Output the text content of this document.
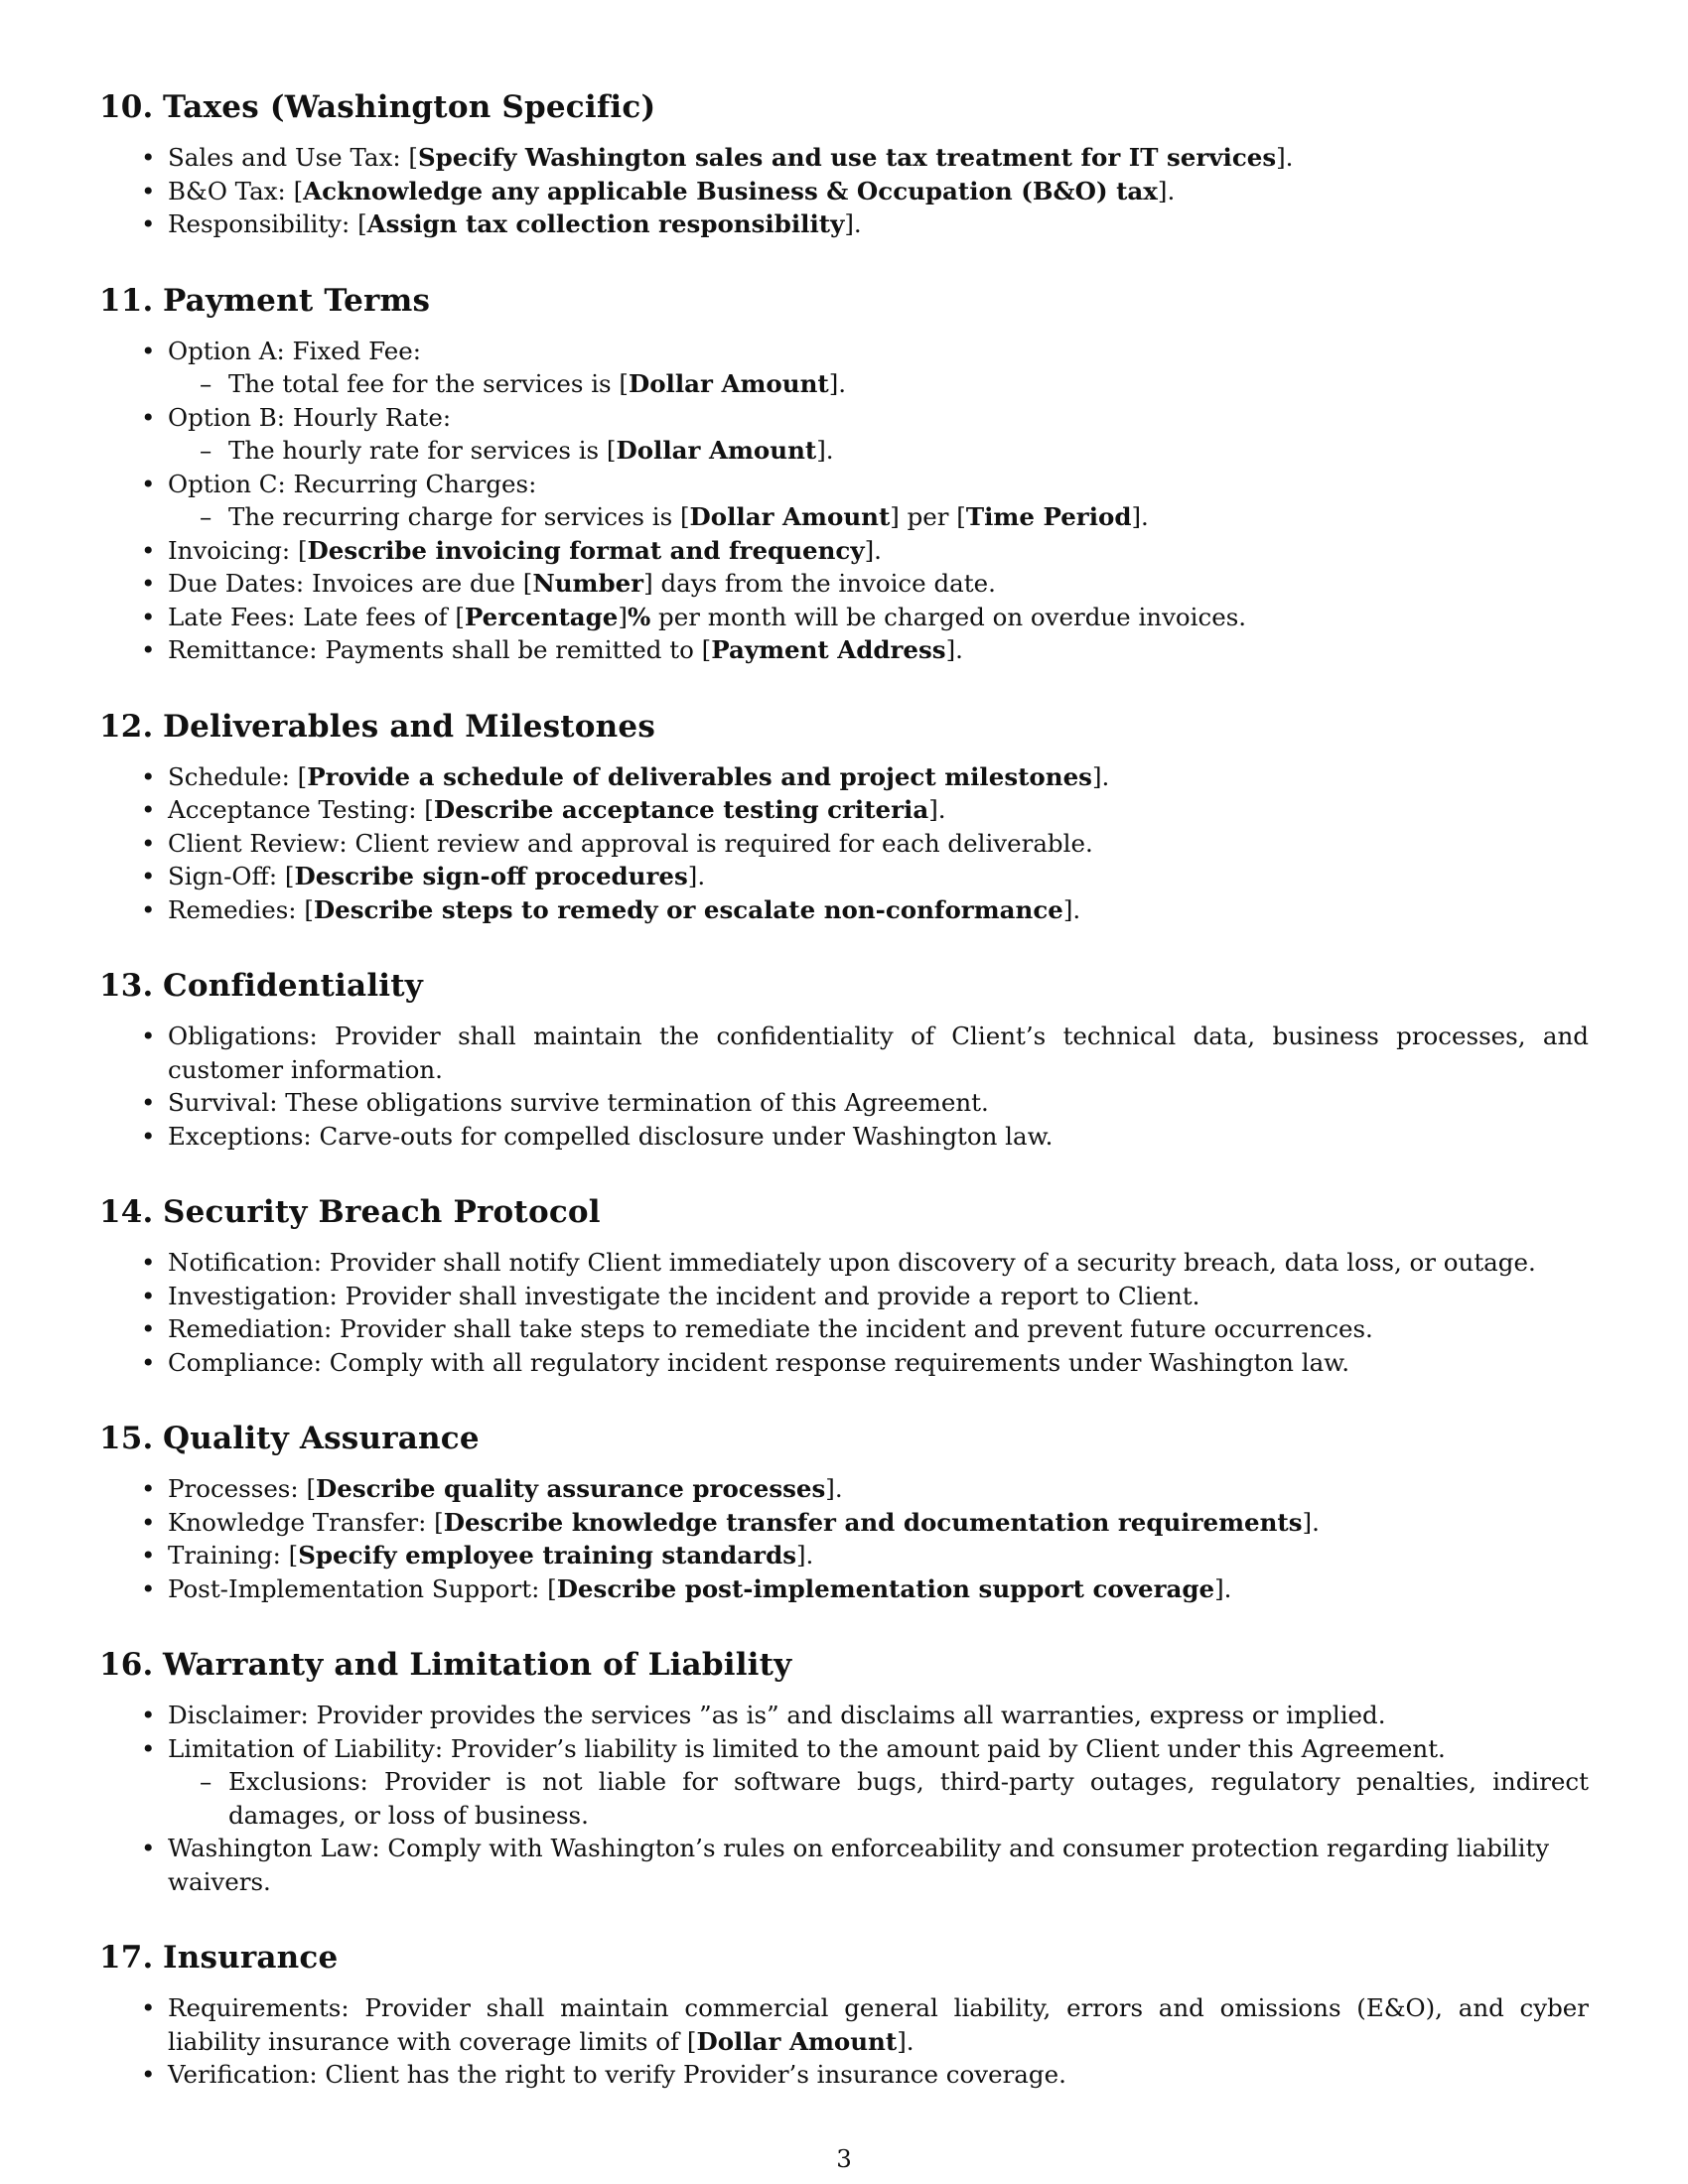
10. Taxes (Washington Specific)
• Sales and Use Tax: [Specify Washington sales and use tax treatment for IT services].
• B&O Tax: [Acknowledge any applicable Business & Occupation (B&O) tax].
• Responsibility: [Assign tax collection responsibility].
11. Payment Terms
• Option A: Fixed Fee:
– The total fee for the services is [Dollar Amount].
• Option B: Hourly Rate:
– The hourly rate for services is [Dollar Amount].
• Option C: Recurring Charges:
– The recurring charge for services is [Dollar Amount] per [Time Period].
• Invoicing: [Describe invoicing format and frequency].
• Due Dates: Invoices are due [Number] days from the invoice date.
• Late Fees: Late fees of [Percentage]% per month will be charged on overdue invoices.
• Remittance: Payments shall be remitted to [Payment Address].
12. Deliverables and Milestones
• Schedule: [Provide a schedule of deliverables and project milestones].
• Acceptance Testing: [Describe acceptance testing criteria].
• Client Review: Client review and approval is required for each deliverable.
• Sign-Off: [Describe sign-off procedures].
• Remedies: [Describe steps to remedy or escalate non-conformance].
13. Confidentiality
• Obligations: Provider shall maintain the confidentiality of Client’s technical data, business processes, and customer information.
• Survival: These obligations survive termination of this Agreement.
• Exceptions: Carve-outs for compelled disclosure under Washington law.
14. Security Breach Protocol
• Notification: Provider shall notify Client immediately upon discovery of a security breach, data loss, or outage.
• Investigation: Provider shall investigate the incident and provide a report to Client.
• Remediation: Provider shall take steps to remediate the incident and prevent future occurrences.
• Compliance: Comply with all regulatory incident response requirements under Washington law.
15. Quality Assurance
• Processes: [Describe quality assurance processes].
• Knowledge Transfer: [Describe knowledge transfer and documentation requirements].
• Training: [Specify employee training standards].
• Post-Implementation Support: [Describe post-implementation support coverage].
16. Warranty and Limitation of Liability
• Disclaimer: Provider provides the services ”as is” and disclaims all warranties, express or implied.
• Limitation of Liability: Provider’s liability is limited to the amount paid by Client under this Agreement.
– Exclusions: Provider is not liable for software bugs, third-party outages, regulatory penalties, indirect damages, or loss of business.
• Washington Law: Comply with Washington’s rules on enforceability and consumer protection regarding liability waivers.
17. Insurance
• Requirements: Provider shall maintain commercial general liability, errors and omissions (E&O), and cyber liability insurance with coverage limits of [Dollar Amount].
• Verification: Client has the right to verify Provider’s insurance coverage.
3
